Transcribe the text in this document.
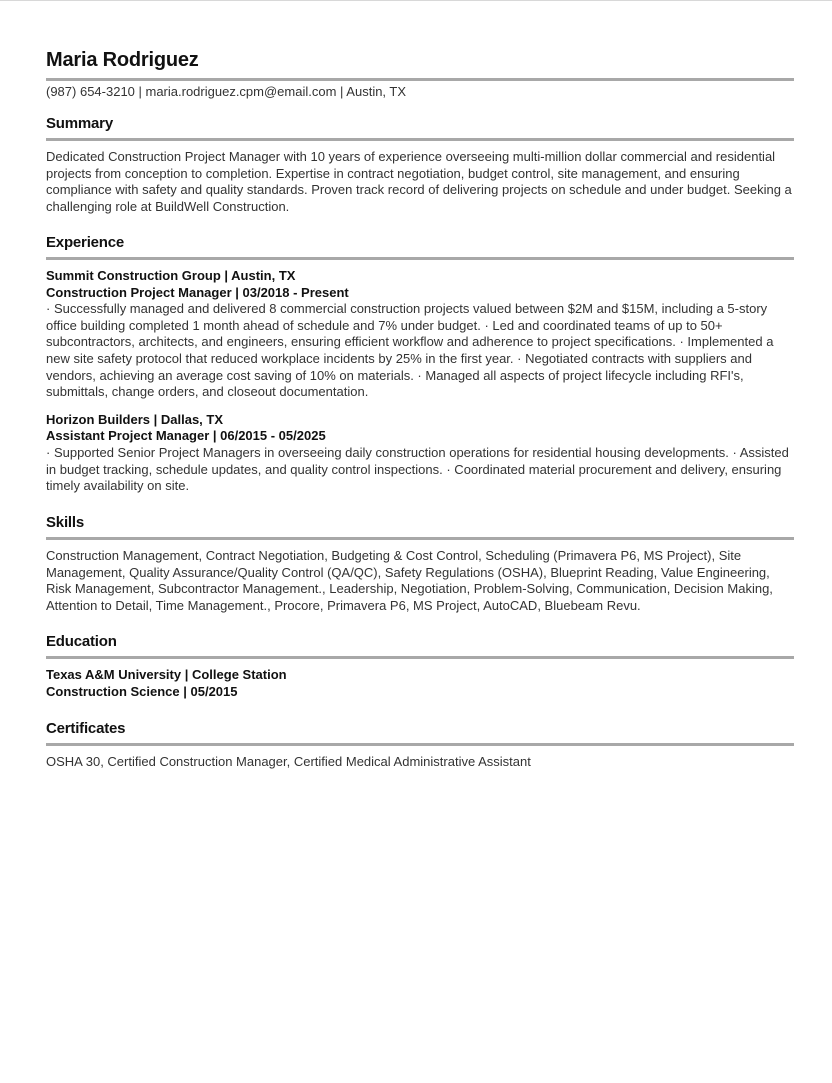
Maria Rodriguez
(987) 654-3210 | maria.rodriguez.cpm@email.com | Austin, TX
Summary

Dedicated Construction Project Manager with 10 years of experience overseeing multi-million dollar commercial and residential projects from conception to completion. Expertise in contract negotiation, budget control, site management, and ensuring compliance with safety and quality standards. Proven track record of delivering projects on schedule and under budget. Seeking a challenging role at BuildWell Construction.

Experience

Summit Construction Group | Austin, TX

Construction Project Manager | 03/2018 - Present

· Successfully managed and delivered 8 commercial construction projects valued between $2M and $15M, including a 5-story office building completed 1 month ahead of schedule and 7% under budget. · Led and coordinated teams of up to 50+ subcontractors, architects, and engineers, ensuring efficient workflow and adherence to project specifications. · Implemented a new site safety protocol that reduced workplace incidents by 25% in the first year. · Negotiated contracts with suppliers and vendors, achieving an average cost saving of 10% on materials. · Managed all aspects of project lifecycle including RFI's, submittals, change orders, and closeout documentation.

Horizon Builders | Dallas, TX

Assistant Project Manager | 06/2015 - 05/2025

· Supported Senior Project Managers in overseeing daily construction operations for residential housing developments. · Assisted in budget tracking, schedule updates, and quality control inspections. · Coordinated material procurement and delivery, ensuring timely availability on site.

Skills

Construction Management, Contract Negotiation, Budgeting & Cost Control, Scheduling (Primavera P6, MS Project), Site Management, Quality Assurance/Quality Control (QA/QC), Safety Regulations (OSHA), Blueprint Reading, Value Engineering, Risk Management, Subcontractor Management., Leadership, Negotiation, Problem-Solving, Communication, Decision Making, Attention to Detail, Time Management., Procore, Primavera P6, MS Project, AutoCAD, Bluebeam Revu.

Education

Texas A&M University | College Station

Construction Science | 05/2015

Certificates

OSHA 30, Certified Construction Manager, Certified Medical Administrative Assistant
